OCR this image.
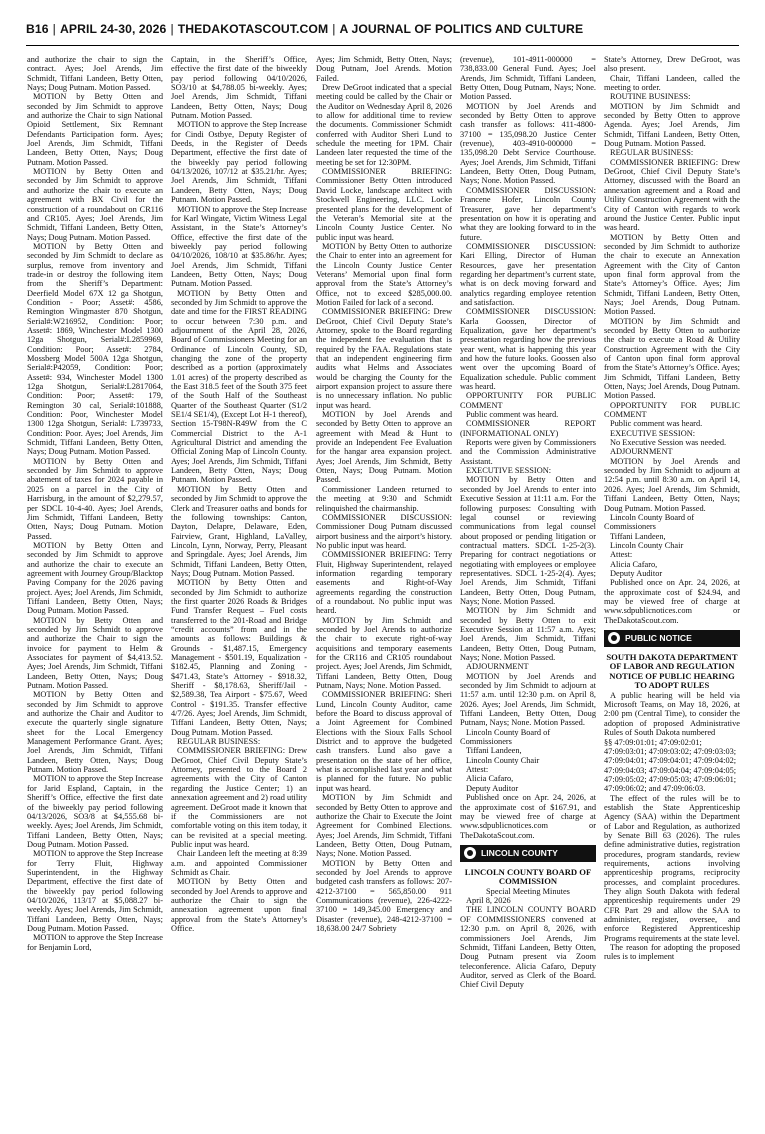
B16 | APRIL 24-30, 2026 | THEDAKOTASCOUT.COM | A JOURNAL OF POLITICS AND CULTURE

and authorize the chair to sign the contract. Ayes; Joel Arends, Jim Schmidt, Tiffani Landeen, Betty Otten, Nays; Doug Putnam. Motion Passed.

MOTION by Betty Otten and seconded by Jim Schmidt to approve and authorize the Chair to sign National Opioid Settlement, Six Remnant Defendants Participation form. Ayes; Joel Arends, Jim Schmidt, Tiffani Landeen, Betty Otten, Nays; Doug Putnam. Motion Passed.

MOTION by Betty Otten and seconded by Jim Schmidt to approve and authorize the chair to execute an agreement with BX Civil for the construction of a roundabout on CR116 and CR105. Ayes; Joel Arends, Jim Schmidt, Tiffani Landeen, Betty Otten, Nays; Doug Putnam. Motion Passed.

MOTION by Betty Otten and seconded by Jim Schmidt to declare as surplus, remove from inventory and trade-in or destroy the following item from the Sheriff’s Department: Deerfield Model 67X 12 ga Shotgun, Condition - Poor; Asset#: 4586, Remington Wingmaster 870 Shotgun, Serial#:W216952, Condition: Poor; Asset#: 1869, Winchester Model 1300 12ga Shotgun, Serial#:L2859969, Condition: Poor; Asset#: 2784, Mossberg Model 500A 12ga Shotgun, Serial#:P42059, Condition: Poor; Asset#: 934, Winchester Model 1300 12ga Shotgun, Serial#:L2817064, Condition: Poor; Asset#: 179, Remington 30 cal, Serial#:101888, Condition: Poor, Winchester Model 1300 12ga Shotgun, Serial#: L739733, Condition: Poor. Ayes; Joel Arends, Jim Schmidt, Tiffani Landeen, Betty Otten, Nays; Doug Putnam. Motion Passed.

MOTION by Betty Otten and seconded by Jim Schmidt to approve abatement of taxes for 2024 payable in 2025 on a parcel in the City of Harrisburg, in the amount of $2,279.57, per SDCL 10-4-40. Ayes; Joel Arends, Jim Schmidt, Tiffani Landeen, Betty Otten, Nays; Doug Putnam. Motion Passed.

MOTION by Betty Otten and seconded by Jim Schmidt to approve and authorize the chair to execute an agreement with Journey Group/Blacktop Paving Company for the 2026 paving project. Ayes; Joel Arends, Jim Schmidt, Tiffani Landeen, Betty Otten, Nays; Doug Putnam. Motion Passed.

MOTION by Betty Otten and seconded by Jim Schmidt to approve and authorize the Chair to sign the invoice for payment to Helm & Associates for payment of $4,413.52. Ayes; Joel Arends, Jim Schmidt, Tiffani Landeen, Betty Otten, Nays; Doug Putnam. Motion Passed.

MOTION by Betty Otten and seconded by Jim Schmidt to approve and authorize the Chair and Auditor to execute the quarterly single signature sheet for the Local Emergency Management Performance Grant. Ayes; Joel Arends, Jim Schmidt, Tiffani Landeen, Betty Otten, Nays; Doug Putnam. Motion Passed.

MOTION to approve the Step Increase for Jarid Espland, Captain, in the Sheriff’s Office, effective the first date of the biweekly pay period following 04/13/2026, SO3/8 at $4,555.68 bi-weekly. Ayes; Joel Arends, Jim Schmidt, Tiffani Landeen, Betty Otten, Nays; Doug Putnam. Motion Passed.

MOTION to approve the Step Increase for Terry Fluit, Highway Superintendent, in the Highway Department, effective the first date of the biweekly pay period following 04/10/2026, 113/17 at $5,088.27 bi-weekly. Ayes; Joel Arends, Jim Schmidt, Tiffani Landeen, Betty Otten, Nays; Doug Putnam. Motion Passed.

MOTION to approve the Step Increase for Benjamin Lord,

Captain, in the Sheriff’s Office, effective the first date of the biweekly pay period following 04/10/2026, SO3/10 at $4,788.05 bi-weekly. Ayes; Joel Arends, Jim Schmidt, Tiffani Landeen, Betty Otten, Nays; Doug Putnam. Motion Passed.

MOTION to approve the Step Increase for Cindi Ostbye, Deputy Register of Deeds, in the Register of Deeds Department, effective the first date of the biweekly pay period following 04/13/2026, 107/12 at $35.21/hr. Ayes; Joel Arends, Jim Schmidt, Tiffani Landeen, Betty Otten, Nays; Doug Putnam. Motion Passed.

MOTION to approve the Step Increase for Karl Wingate, Victim Witness Legal Assistant, in the State’s Attorney’s Office, effective the first date of the biweekly pay period following 04/10/2026, 108/10 at $35.86/hr. Ayes; Joel Arends, Jim Schmidt, Tiffani Landeen, Betty Otten, Nays; Doug Putnam. Motion Passed.

MOTION by Betty Otten and seconded by Jim Schmidt to approve the date and time for the FIRST READING to occur between 7:30 p.m. and adjournment of the April 28, 2026, Board of Commissioners Meeting for an Ordinance of Lincoln County, SD, changing the zone of the property described as a portion (approximately 1.01 acres) of the property described as the East 318.5 feet of the South 375 feet of the South Half of the Southeast Quarter of the Southeast Quarter (S1/2 SE1/4 SE1/4), (Except Lot H-1 thereof), Section 15-T98N-R49W from the C Commercial District to the A-1 Agricultural District and amending the Official Zoning Map of Lincoln County. Ayes; Joel Arends, Jim Schmidt, Tiffani Landeen, Betty Otten, Nays; Doug Putnam. Motion Passed.

MOTION by Betty Otten and seconded by Jim Schmidt to approve the Clerk and Treasurer oaths and bonds for the following townships: Canton, Dayton, Delapre, Delaware, Eden, Fairview, Grant, Highland, LaValley, Lincoln, Lynn, Norway, Perry, Pleasant and Springdale. Ayes; Joel Arends, Jim Schmidt, Tiffani Landeen, Betty Otten, Nays; Doug Putnam. Motion Passed.

MOTION by Betty Otten and seconded by Jim Schmidt to authorize the first quarter 2026 Roads & Bridges Fund Transfer Request – Fuel costs transferred to the 201-Road and Bridge “credit accounts” from and in the amounts as follows: Buildings & Grounds - $1,487.15, Emergency Management - $501.19, Equalization - $182.45, Planning and Zoning - $471.43, State’s Attorney - $918.32, Sheriff - $8,178.63, Sheriff/Jail - $2,589.38, Tea Airport - $75.67, Weed Control - $191.35. Transfer effective 4/7/26. Ayes; Joel Arends, Jim Schmidt, Tiffani Landeen, Betty Otten, Nays; Doug Putnam. Motion Passed.

REGULAR BUSINESS:

COMMISSIONER BRIEFING: Drew DeGroot, Chief Civil Deputy State’s Attorney, presented to the Board 2 agreements with the City of Canton regarding the Justice Center; 1) an annexation agreement and 2) road utility agreement. DeGroot made it known that if the Commissioners are not comfortable voting on this item today, it can be revisited at a special meeting. Public input was heard.

Chair Landeen left the meeting at 8:39 a.m. and appointed Commissioner Schmidt as Chair.

MOTION by Betty Otten and seconded by Joel Arends to approve and authorize the Chair to sign the annexation agreement upon final approval from the State’s Attorney’s Office.

Ayes; Jim Schmidt, Betty Otten, Nays; Doug Putnam, Joel Arends. Motion Failed.

Drew DeGroot indicated that a special meeting could be called by the Chair or the Auditor on Wednesday April 8, 2026 to allow for additional time to review the documents. Commissioner Schmidt conferred with Auditor Sheri Lund to schedule the meeting for 1PM. Chair Landeen later requested the time of the meeting be set for 12:30PM.

COMMISSIONER BRIEFING: Commissioner Betty Otten introduced David Locke, landscape architect with Stockwell Engineering, LLC. Locke presented plans for the development of the Veteran’s Memorial site at the Lincoln County Justice Center. No public input was heard.

MOTION by Betty Otten to authorize the Chair to enter into an agreement for the Lincoln County Justice Center Veterans’ Memorial upon final form approval from the State’s Attorney’s Office, not to exceed $285,000.00. Motion Failed for lack of a second.

COMMISSIONER BRIEFING: Drew DeGroot, Chief Civil Deputy State’s Attorney, spoke to the Board regarding the independent fee evaluation that is required by the FAA. Regulations state that an independent engineering firm audits what Helms and Associates would be charging the County for the airport expansion project to assure there is no unnecessary inflation. No public input was heard.

MOTION by Joel Arends and seconded by Betty Otten to approve an agreement with Mead & Hunt to provide an Independent Fee Evaluation for the hangar area expansion project. Ayes; Joel Arends, Jim Schmidt, Betty Otten, Nays; Doug Putnam. Motion Passed.

Commissioner Landeen returned to the meeting at 9:30 and Schmidt relinquished the chairmanship.

COMMISSIONER DISCUSSION: Commissioner Doug Putnam discussed airport business and the airport’s history. No public input was heard.

COMMISSIONER BRIEFING: Terry Fluit, Highway Superintendent, relayed information regarding temporary easements and Right-of-Way agreements regarding the construction of a roundabout. No public input was heard.

MOTION by Jim Schmidt and seconded by Joel Arends to authorize the chair to execute right-of-way acquisitions and temporary easements for the CR116 and CR105 roundabout project. Ayes; Joel Arends, Jim Schmidt, Tiffani Landeen, Betty Otten, Doug Putnam, Nays; None. Motion Passed.

COMMISSIONER BRIEFING: Sheri Lund, Lincoln County Auditor, came before the Board to discuss approval of a Joint Agreement for Combined Elections with the Sioux Falls School District and to approve the budgeted cash transfers. Lund also gave a presentation on the state of her office, what is accomplished last year and what is planned for the future. No public input was heard.

MOTION by Jim Schmidt and seconded by Betty Otten to approve and authorize the Chair to Execute the Joint Agreement for Combined Elections. Ayes; Joel Arends, Jim Schmidt, Tiffani Landeen, Betty Otten, Doug Putnam, Nays; None. Motion Passed.

MOTION by Betty Otten and seconded by Joel Arends to approve budgeted cash transfers as follows: 207-4212-37100 = 565,850.00 911 Communications (revenue), 226-4222-37100 = 149,345.00 Emergency and Disaster (revenue), 248-4212-37100 = 18,638.00 24/7 Sobriety

(revenue), 101-4911-000000 = 738,833.00 General Fund. Ayes; Joel Arends, Jim Schmidt, Tiffani Landeen, Betty Otten, Doug Putnam, Nays; None. Motion Passed.

MOTION by Joel Arends and seconded by Betty Otten to approve cash transfer as follows: 411-4800-37100 = 135,098.20 Justice Center (revenue), 403-4910-000000 = 135,098.20 Debt Service Courthouse. Ayes; Joel Arends, Jim Schmidt, Tiffani Landeen, Betty Otten, Doug Putnam, Nays; None. Motion Passed.

COMMISSIONER DISCUSSION: Francene Hofer, Lincoln County Treasurer, gave her department’s presentation on how it is operating and what they are looking forward to in the future.

COMMISSIONER DISCUSSION: Kari Elling, Director of Human Resources, gave her presentation regarding her department’s current state, what is on deck moving forward and analytics regarding employee retention and satisfaction.

COMMISSIONER DISCUSSION: Karla Goossen, Director of Equalization, gave her department’s presentation regarding how the previous year went, what is happening this year and how the future looks. Goossen also went over the upcoming Board of Equalization schedule. Public comment was heard.

OPPORTUNITY FOR PUBLIC COMMENT

Public comment was heard.

COMMISSIONER REPORT (INFORMATIONAL ONLY)

Reports were given by Commissioners and the Commission Administrative Assistant.

EXECUTIVE SESSION:

MOTION by Betty Otten and seconded by Joel Arends to enter into Executive Session at 11:11 a.m. For the following purposes: Consulting with legal counsel or reviewing communications from legal counsel about proposed or pending litigation or contractual matters. SDCL 1-25-2(3). Preparing for contract negotiations or negotiating with employees or employee representatives. SDCL 1-25-2(4). Ayes; Joel Arends, Jim Schmidt, Tiffani Landeen, Betty Otten, Doug Putnam, Nays; None. Motion Passed.

MOTION by Jim Schmidt and seconded by Betty Otten to exit Executive Session at 11:57 a.m. Ayes; Joel Arends, Jim Schmidt, Tiffani Landeen, Betty Otten, Doug Putnam, Nays; None. Motion Passed.

ADJOURNMENT

MOTION by Joel Arends and seconded by Jim Schmidt to adjourn at 11:57 a.m. until 12:30 p.m. on April 8, 2026. Ayes; Joel Arends, Jim Schmidt, Tiffani Landeen, Betty Otten, Doug Putnam, Nays; None. Motion Passed.

Lincoln County Board of Commissioners

Tiffani Landeen,

Lincoln County Chair

Attest:

Alicia Cafaro,

Deputy Auditor

Published once on Apr. 24, 2026, at the approximate cost of $167.91, and may be viewed free of charge at www.sdpublicnotices.com or TheDakotaScout.com.

LINCOLN COUNTY

LINCOLN COUNTY BOARD OF COMMISSION

Special Meeting Minutes

April 8, 2026

THE LINCOLN COUNTY BOARD OF COMMISSIONERS convened at 12:30 p.m. on April 8, 2026, with commissioners Joel Arends, Jim Schmidt, Tiffani Landeen, Betty Otten, Doug Putnam present via Zoom teleconference. Alicia Cafaro, Deputy Auditor, served as Clerk of the Board. Chief Civil Deputy

State’s Attorney, Drew DeGroot, was also present.

Chair, Tiffani Landeen, called the meeting to order.

ROUTINE BUSINESS:

MOTION by Jim Schmidt and seconded by Betty Otten to approve Agenda. Ayes; Joel Arends, Jim Schmidt, Tiffani Landeen, Betty Otten, Doug Putnam. Motion Passed.

REGULAR BUSINESS:

COMMISSIONER BRIEFING: Drew DeGroot, Chief Civil Deputy State’s Attorney, discussed with the Board an annexation agreement and a Road and Utility Construction Agreement with the City of Canton with regards to work around the Justice Center. Public input was heard.

MOTION by Betty Otten and seconded by Jim Schmidt to authorize the chair to execute an Annexation Agreement with the City of Canton upon final form approval from the State’s Attorney’s Office. Ayes; Jim Schmidt, Tiffani Landeen, Betty Otten, Nays; Joel Arends, Doug Putnam. Motion Passed.

MOTION by Jim Schmidt and seconded by Betty Otten to authorize the chair to execute a Road & Utility Construction Agreement with the City of Canton upon final form approval from the State’s Attorney’s Office. Ayes; Jim Schmidt, Tiffani Landeen, Betty Otten, Nays; Joel Arends, Doug Putnam. Motion Passed.

OPPORTUNITY FOR PUBLIC COMMENT

Public comment was heard.

EXECUTIVE SESSION:

No Executive Session was needed.

ADJOURNMENT

MOTION by Joel Arends and seconded by Jim Schmidt to adjourn at 12:54 p.m. until 8:30 a.m. on April 14, 2026. Ayes; Joel Arends, Jim Schmidt, Tiffani Landeen, Betty Otten, Nays; Doug Putnam. Motion Passed.

Lincoln County Board of Commissioners

Tiffani Landeen,

Lincoln County Chair

Attest:

Alicia Cafaro,

Deputy Auditor

Published once on Apr. 24, 2026, at the approximate cost of $24.94, and may be viewed free of charge at www.sdpublicnotices.com or TheDakotaScout.com.

PUBLIC NOTICE

SOUTH DAKOTA DEPARTMENT OF LABOR AND REGULATION NOTICE OF PUBLIC HEARING TO ADOPT RULES

A public hearing will be held via Microsoft Teams, on May 18, 2026, at 2:00 pm (Central Time), to consider the adoption of proposed Administrative Rules of South Dakota numbered

§§ 47:09:01:01; 47:09:02:01; 47:09:03:01; 47:09:03:02; 47:09:03:03; 47:09:04:01; 47:09:04:01; 47:09:04:02; 47:09:04:03; 47:09:04:04; 47:09:04:05; 47:09:05:02; 47:09:05:03; 47:09:06:01; 47:09:06:02; and 47:09:06:03.

The effect of the rules will be to establish the State Apprenticeship Agency (SAA) within the Department of Labor and Regulation, as authorized by Senate Bill 63 (2026). The rules define administrative duties, registration procedures, program standards, review requirements, actions involving apprenticeship programs, reciprocity processes, and complaint procedures. They align South Dakota with federal apprenticeship requirements under 29 CFR Part 29 and allow the SAA to administer, register, oversee, and enforce Registered Apprenticeship Programs requirements at the state level.

The reason for adopting the proposed rules is to implement
